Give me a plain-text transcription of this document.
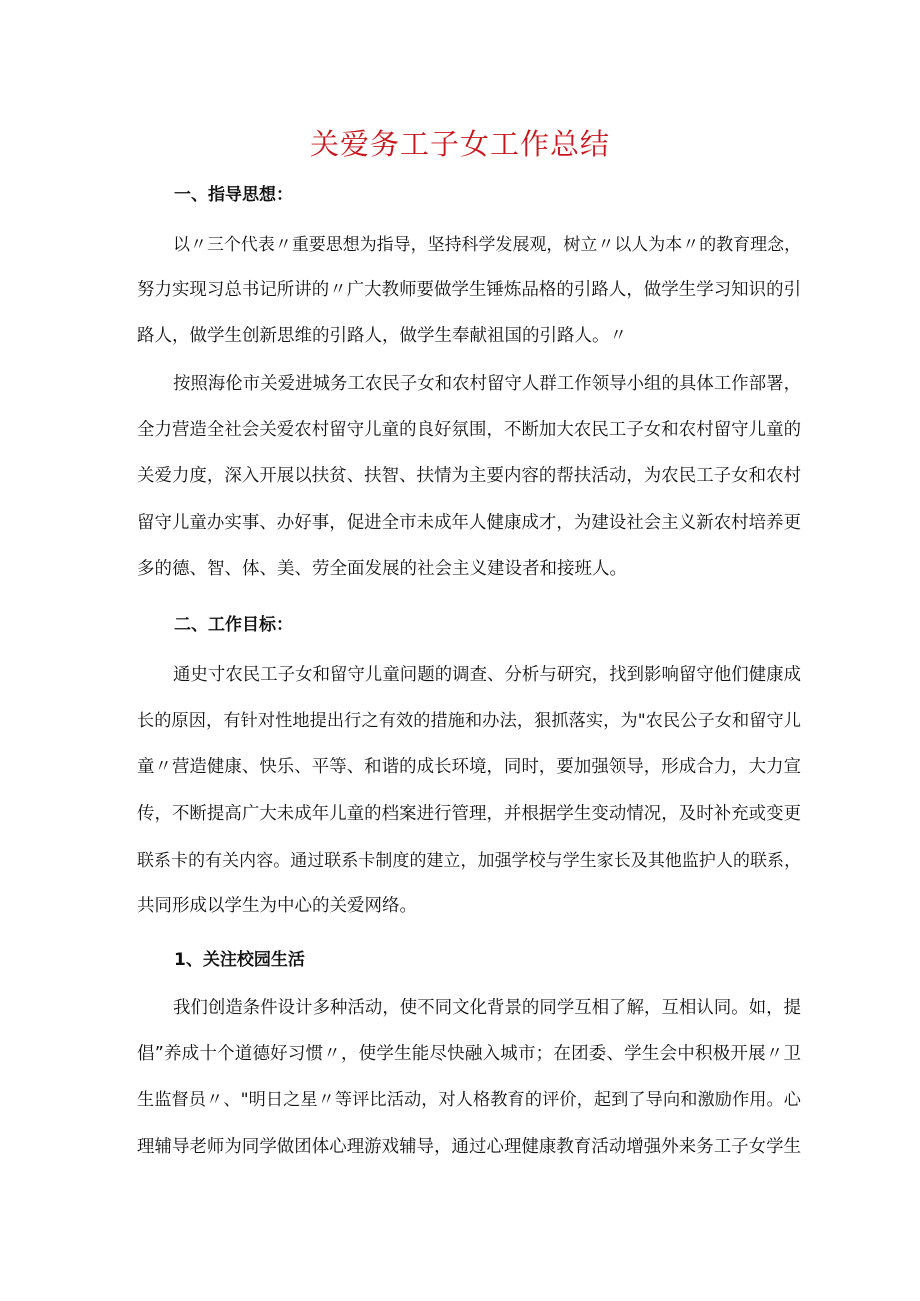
关爱务工子女工作总结
一、指导思想：
以〃三个代表〃重要思想为指导，坚持科学发展观，树立〃以人为本〃的教育理念，
努力实现习总书记所讲的〃广大教师要做学生锤炼品格的引路人，做学生学习知识的引
路人，做学生创新思维的引路人，做学生奉献祖国的引路人。〃
按照海伦市关爱进城务工农民子女和农村留守人群工作领导小组的具体工作部署，
全力营造全社会关爱农村留守儿童的良好氛围，不断加大农民工子女和农村留守儿童的
关爱力度，深入开展以扶贫、扶智、扶情为主要内容的帮扶活动，为农民工子女和农村
留守儿童办实事、办好事，促进全市未成年人健康成才，为建设社会主义新农村培养更
多的德、智、体、美、劳全面发展的社会主义建设者和接班人。
二、工作目标：
通史寸农民工子女和留守儿童问题的调查、分析与研究，找到影响留守他们健康成
长的原因，有针对性地提出行之有效的措施和办法，狠抓落实，为"农民公子女和留守儿
童〃营造健康、快乐、平等、和谐的成长环境，同时，要加强领导，形成合力，大力宣
传，不断提高广大未成年儿童的档案进行管理，并根据学生变动情况，及时补充或变更
联系卡的有关内容。通过联系卡制度的建立，加强学校与学生家长及其他监护人的联系，
共同形成以学生为中心的关爱网络。
1、关注校园生活
我们创造条件设计多种活动，使不同文化背景的同学互相了解，互相认同。如，提
倡”养成十个道德好习惯〃，使学生能尽快融入城市；在团委、学生会中积极开展〃卫
生监督员〃、"明日之星〃等评比活动，对人格教育的评价，起到了导向和激励作用。心
理辅导老师为同学做团体心理游戏辅导，通过心理健康教育活动增强外来务工子女学生
